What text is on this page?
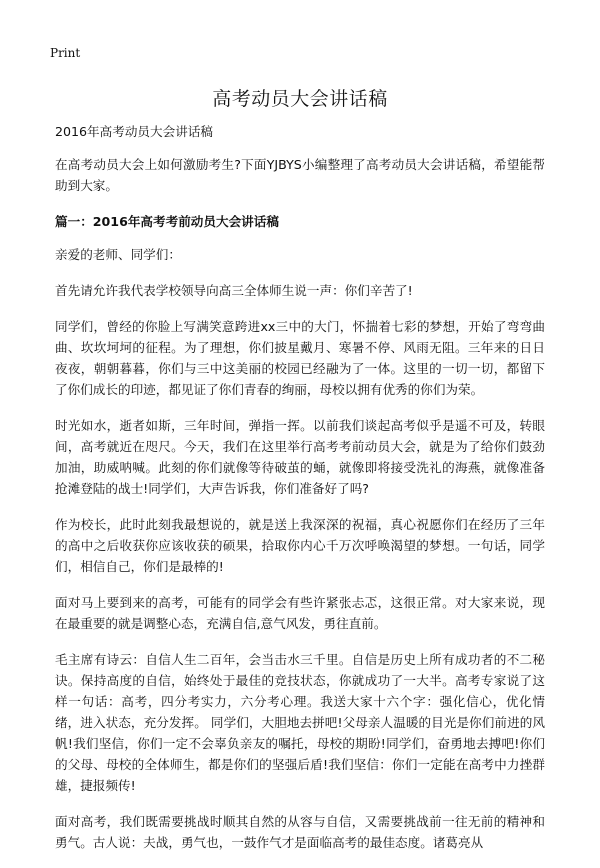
Print
高考动员大会讲话稿

2016年高考动员大会讲话稿

在高考动员大会上如何激励考生?下面YJBYS小编整理了高考动员大会讲话稿，希望能帮助到大家。

篇一：2016年高考考前动员大会讲话稿

亲爱的老师、同学们：

首先请允许我代表学校领导向高三全体师生说一声：你们辛苦了!

同学们，曾经的你脸上写满笑意跨进xx三中的大门，怀揣着七彩的梦想，开始了弯弯曲曲、坎坎坷坷的征程。为了理想，你们披星戴月、寒暑不停、风雨无阻。三年来的日日夜夜，朝朝暮暮，你们与三中这美丽的校园已经融为了一体。这里的一切一切，都留下了你们成长的印迹，都见证了你们青春的绚丽，母校以拥有优秀的你们为荣。

时光如水，逝者如斯，三年时间，弹指一挥。以前我们谈起高考似乎是遥不可及，转眼间，高考就近在咫尺。今天，我们在这里举行高考考前动员大会，就是为了给你们鼓劲加油，助威呐喊。此刻的你们就像等待破茧的蛹，就像即将接受洗礼的海燕，就像准备抢滩登陆的战士!同学们，大声告诉我，你们准备好了吗?

作为校长，此时此刻我最想说的，就是送上我深深的祝福，真心祝愿你们在经历了三年的高中之后收获你应该收获的硕果，拾取你内心千万次呼唤渴望的梦想。一句话，同学们，相信自己，你们是最棒的!

面对马上要到来的高考，可能有的同学会有些许紧张忐忑，这很正常。对大家来说，现在最重要的就是调整心态，充满自信,意气风发，勇往直前。

毛主席有诗云：自信人生二百年，会当击水三千里。自信是历史上所有成功者的不二秘诀。保持高度的自信，始终处于最佳的竞技状态，你就成功了一大半。高考专家说了这样一句话：高考，四分考实力，六分考心理。我送大家十六个字：强化信心，优化情绪，进入状态，充分发挥。 同学们，大胆地去拼吧!父母亲人温暖的目光是你们前进的风帆!我们坚信，你们一定不会辜负亲友的嘱托，母校的期盼!同学们，奋勇地去搏吧!你们的父母、母校的全体师生，都是你们的坚强后盾!我们坚信：你们一定能在高考中力挫群雄，捷报频传!

面对高考，我们既需要挑战时顺其自然的从容与自信，又需要挑战前一往无前的精神和勇气。古人说：夫战，勇气也，一鼓作气才是面临高考的最佳态度。诸葛亮从
